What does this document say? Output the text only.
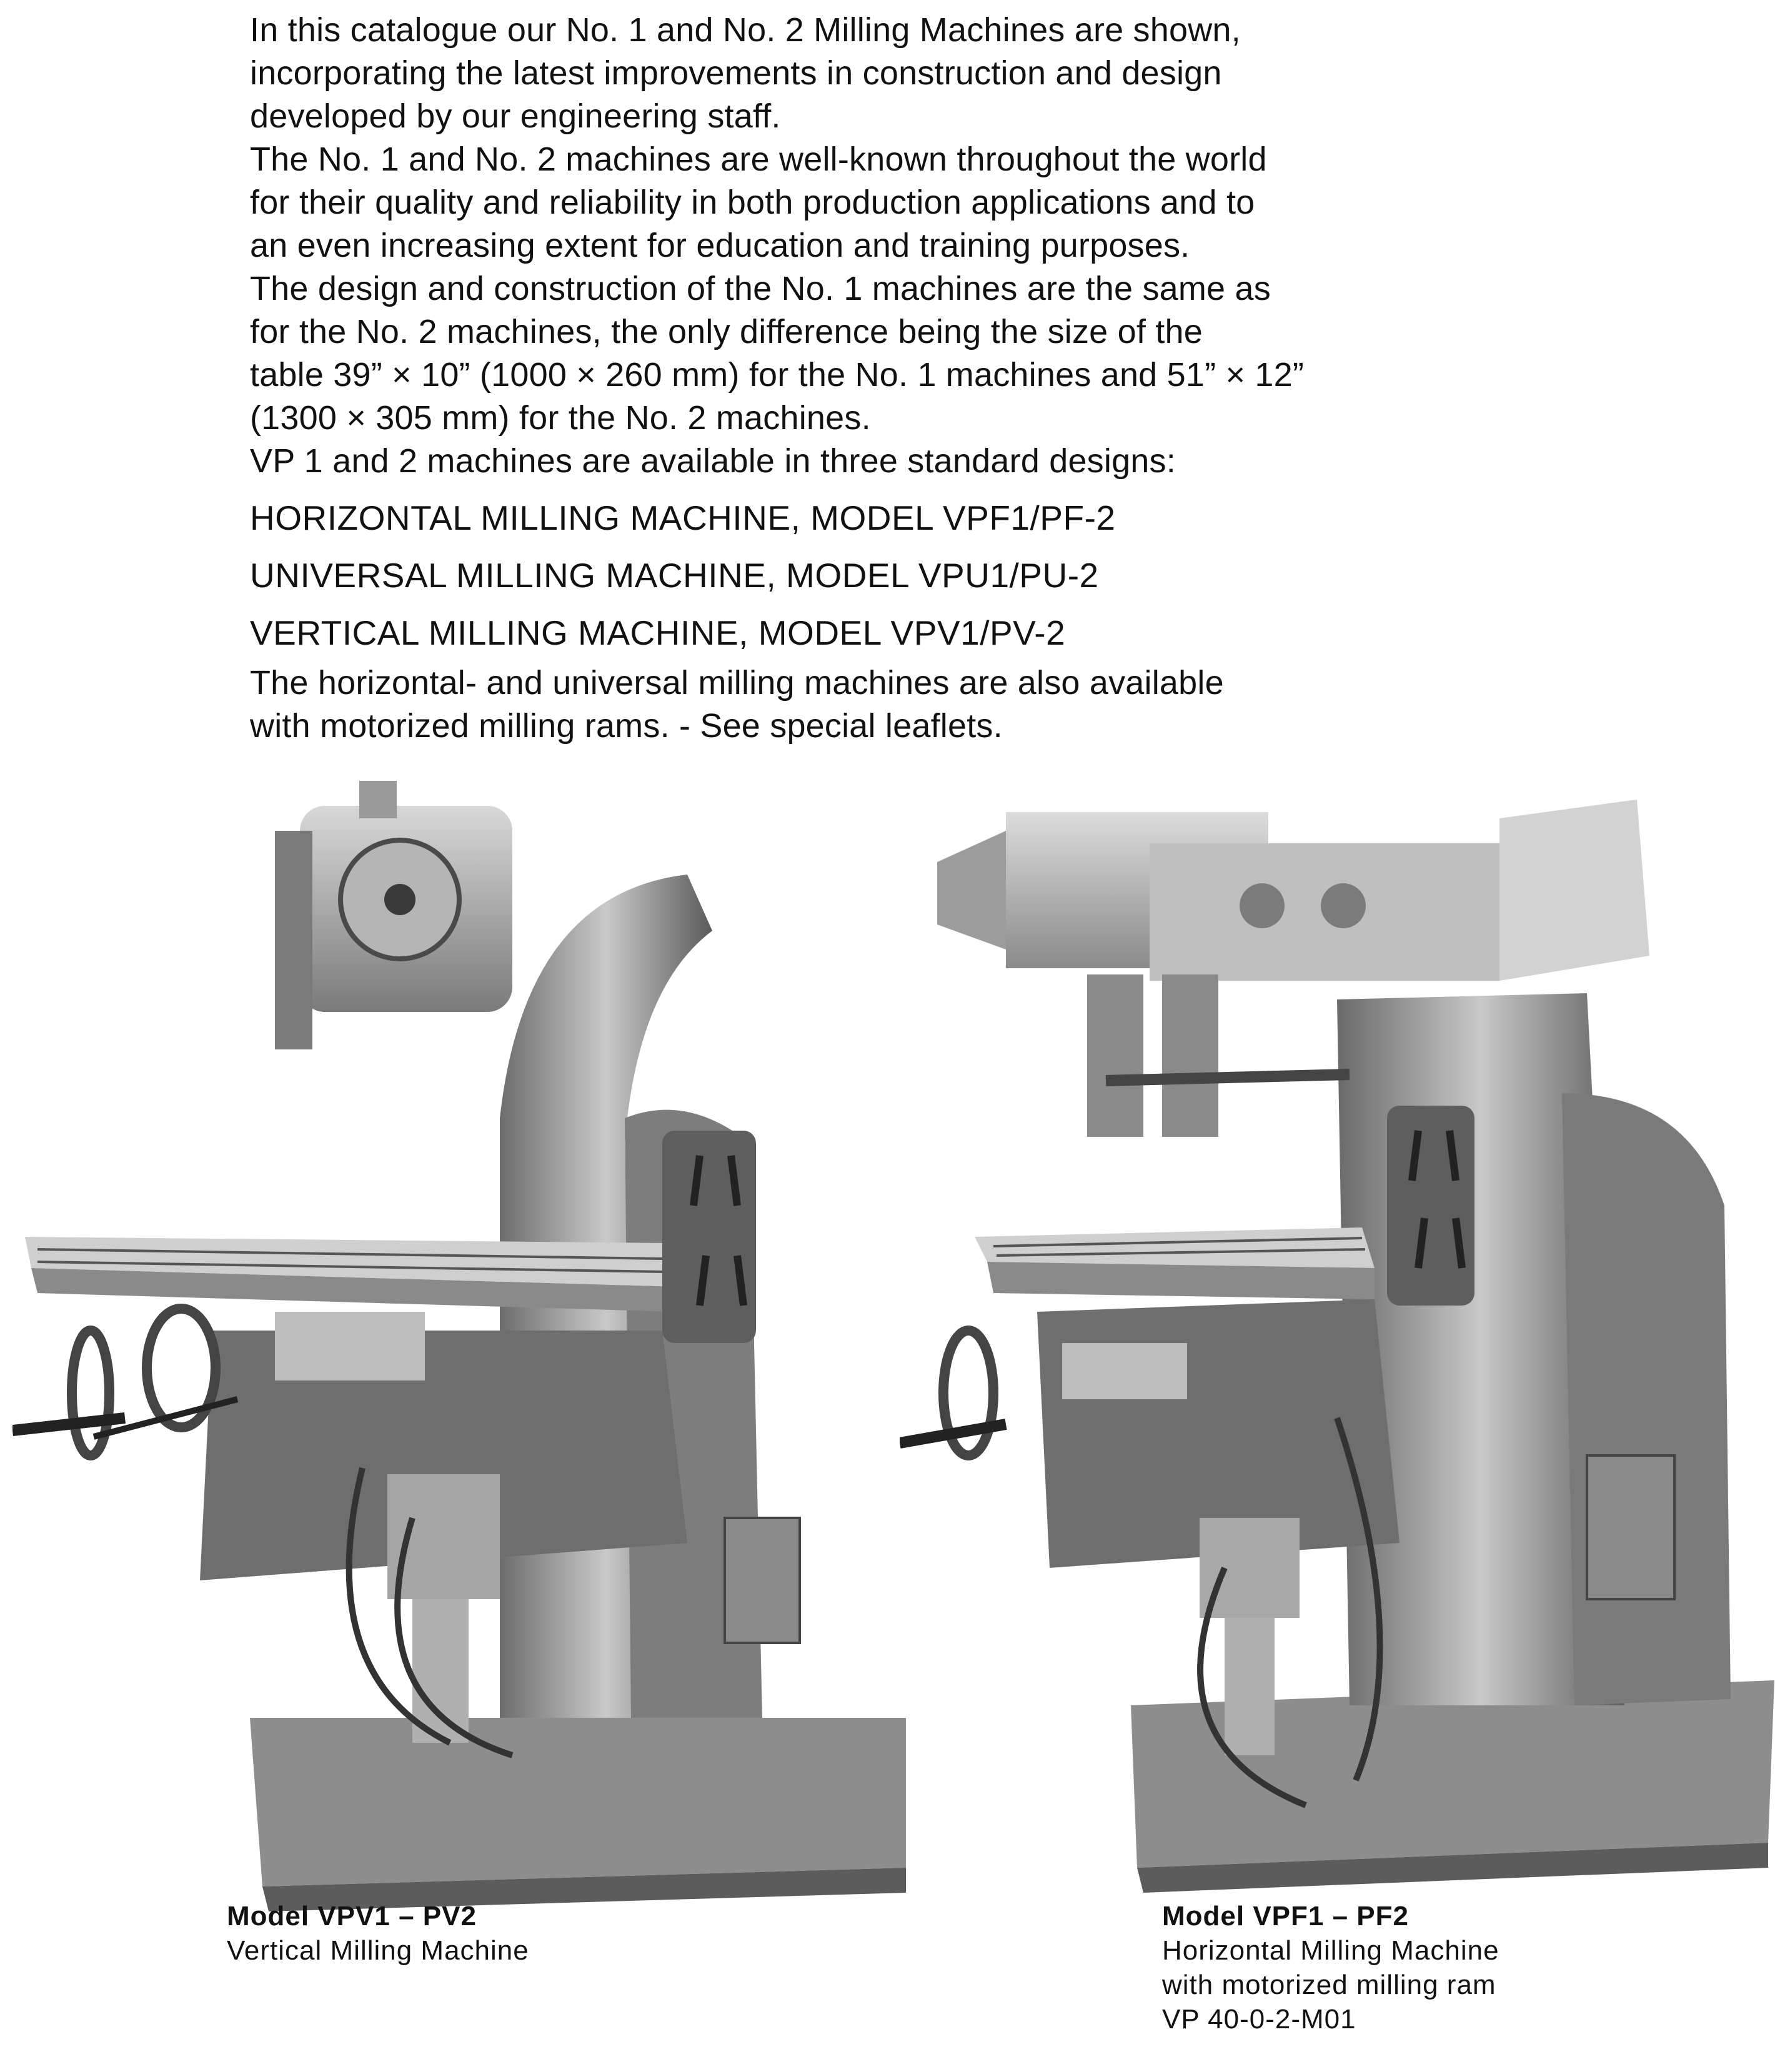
In this catalogue our No. 1 and No. 2 Milling Machines are shown,

incorporating the latest improvements in construction and design

developed by our engineering staff.

The No. 1 and No. 2 machines are well-known throughout the world

for their quality and reliability in both production applications and to

an even increasing extent for education and training purposes.

The design and construction of the No. 1 machines are the same as

for the No. 2 machines, the only difference being the size of the

table 39” × 10” (1000 × 260 mm) for the No. 1 machines and 51” × 12”

(1300 × 305 mm) for the No. 2 machines.

VP 1 and 2 machines are available in three standard designs:

HORIZONTAL MILLING MACHINE, MODEL VPF1/PF-2
UNIVERSAL MILLING MACHINE, MODEL VPU1/PU-2
VERTICAL MILLING MACHINE, MODEL VPV1/PV-2

The horizontal- and universal milling machines are also available

with motorized milling rams. - See special leaflets.

Model VPV1 – PV2
Vertical Milling Machine
Model VPF1 – PF2
Horizontal Milling Machine
with motorized milling ram
VP 40-0-2-M01
